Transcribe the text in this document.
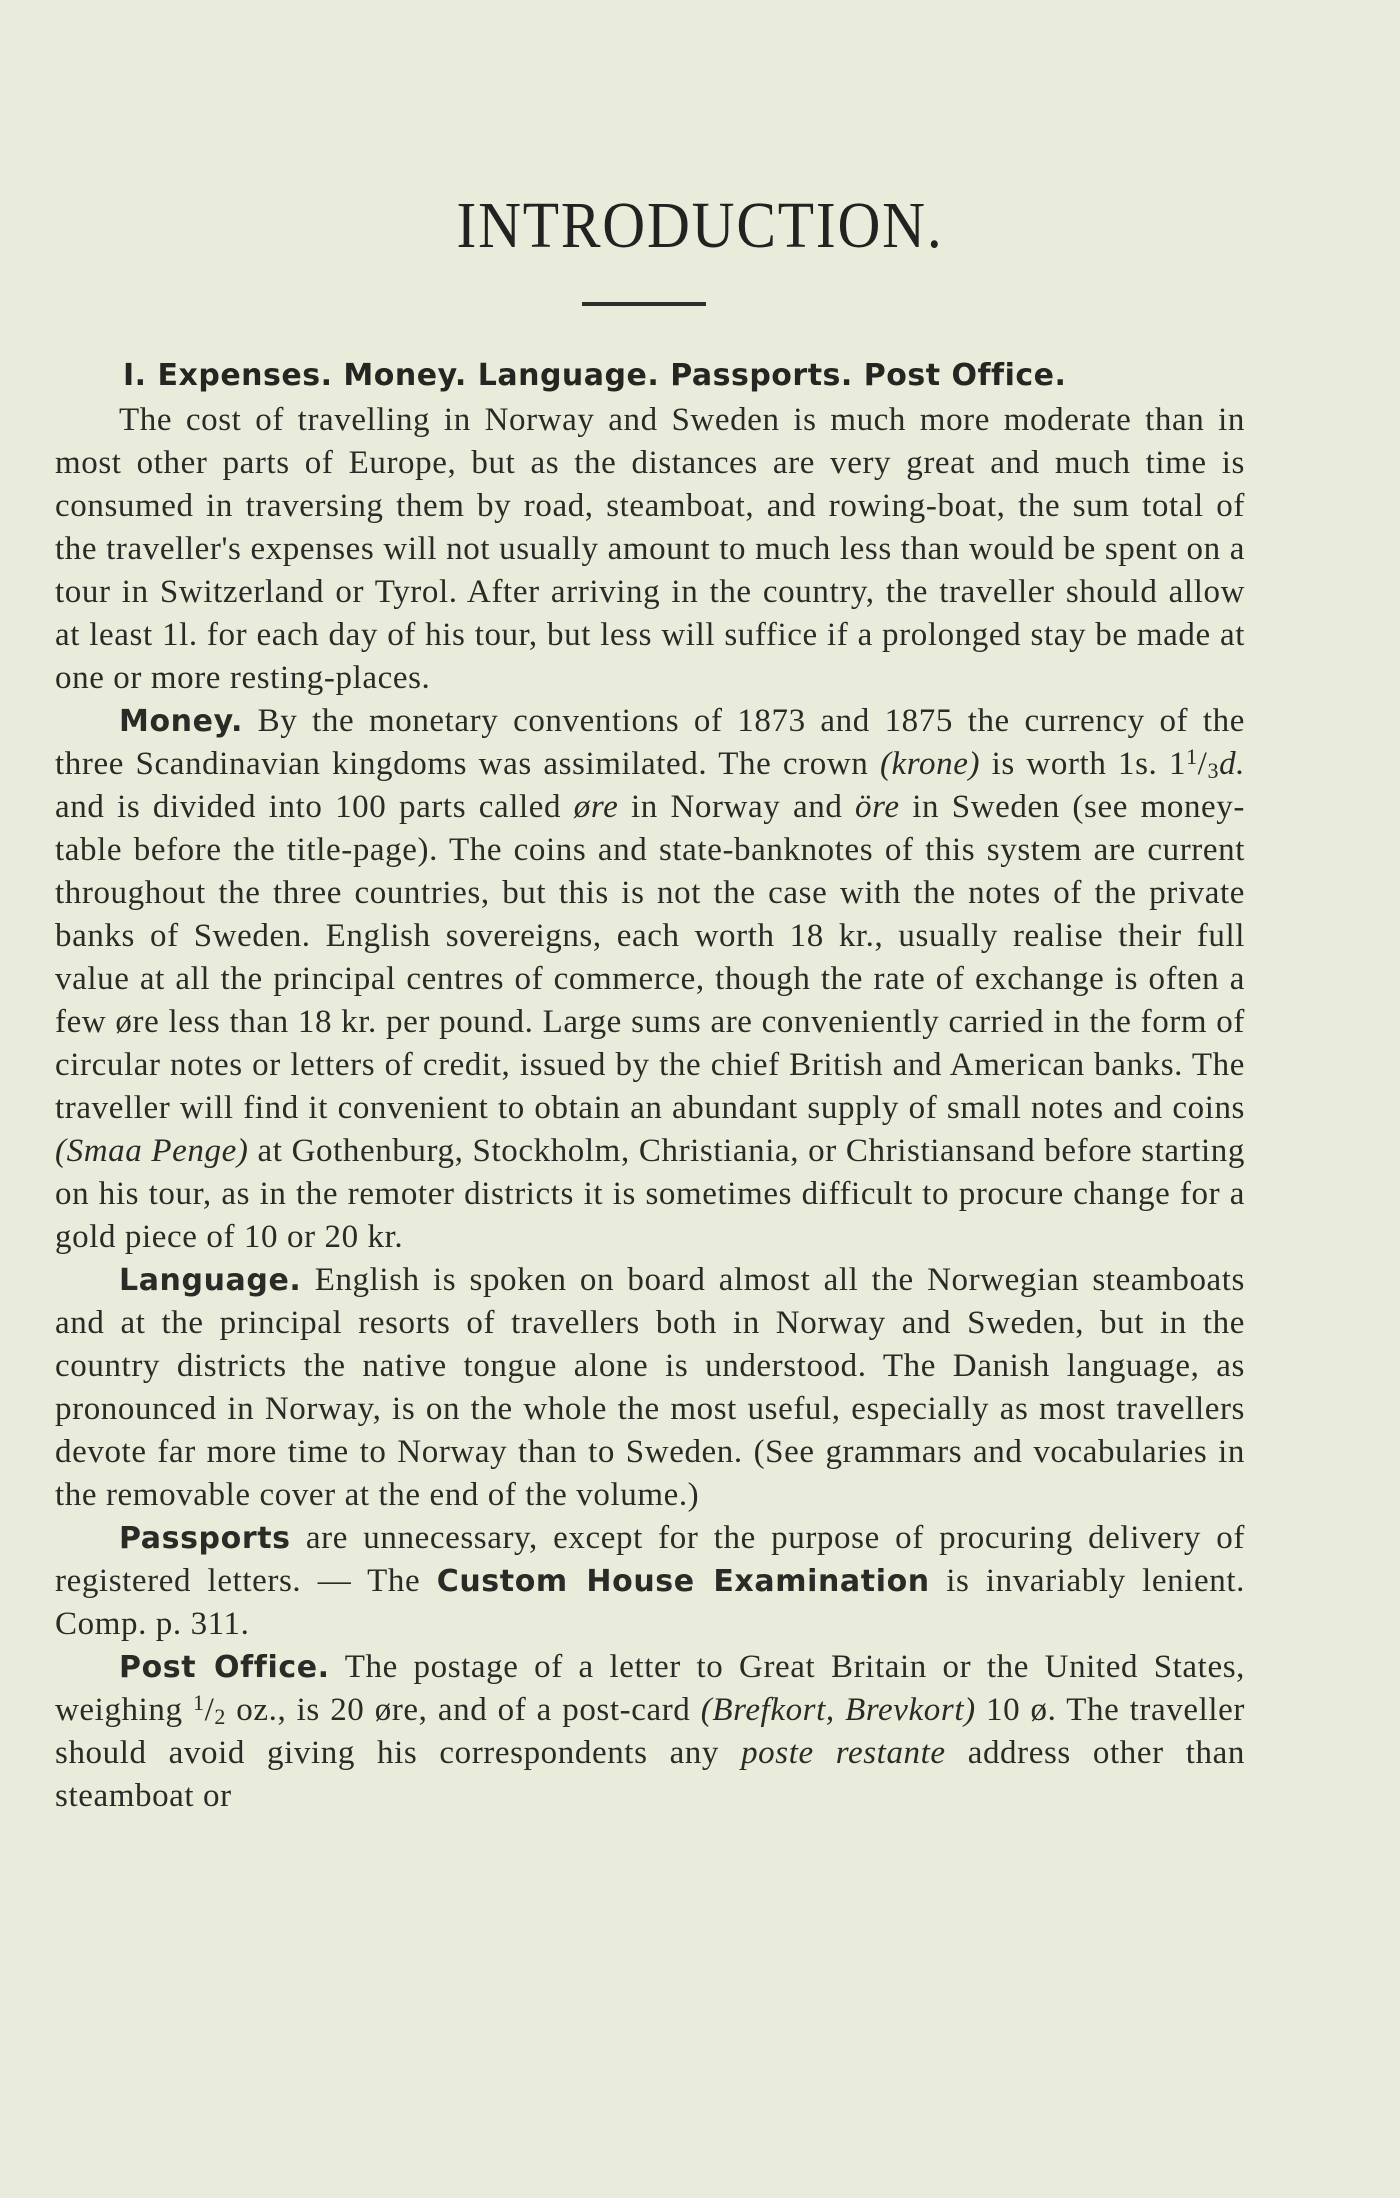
INTRODUCTION.
I. Expenses. Money. Language. Passports. Post Office.

The cost of travelling in Norway and Sweden is much more moderate than in most other parts of Europe, but as the distances are very great and much time is consumed in traversing them by road, steamboat, and rowing-boat, the sum total of the traveller's expenses will not usually amount to much less than would be spent on a tour in Switzerland or Tyrol. After arriving in the country, the traveller should allow at least 1l. for each day of his tour, but less will suffice if a prolonged stay be made at one or more resting-places.

Money. By the monetary conventions of 1873 and 1875 the currency of the three Scandinavian kingdoms was assimilated. The crown (krone) is worth 1s. $1^1/_3d$. and is divided into 100 parts called øre in Norway and öre in Sweden (see money-table before the title-page). The coins and state-banknotes of this system are current throughout the three countries, but this is not the case with the notes of the private banks of Sweden. English sovereigns, each worth 18 kr., usually realise their full value at all the principal centres of commerce, though the rate of exchange is often a few øre less than 18 kr. per pound. Large sums are conveniently carried in the form of circular notes or letters of credit, issued by the chief British and American banks. The traveller will find it convenient to obtain an abundant supply of small notes and coins (Smaa Penge) at Gothenburg, Stockholm, Christiania, or Christiansand before starting on his tour, as in the remoter districts it is sometimes difficult to procure change for a gold piece of 10 or 20 kr.

Language. English is spoken on board almost all the Norwegian steamboats and at the principal resorts of travellers both in Norway and Sweden, but in the country districts the native tongue alone is understood. The Danish language, as pronounced in Norway, is on the whole the most useful, especially as most travellers devote far more time to Norway than to Sweden. (See grammars and vocabularies in the removable cover at the end of the volume.)

Passports are unnecessary, except for the purpose of procuring delivery of registered letters. — The Custom House Examination is invariably lenient. Comp. p. 311.

Post Office. The postage of a letter to Great Britain or the United States, weighing $^1/_2$ oz., is 20 øre, and of a post-card (Brefkort, Brevkort) 10 ø. The traveller should avoid giving his correspondents any poste restante address other than steamboat or
